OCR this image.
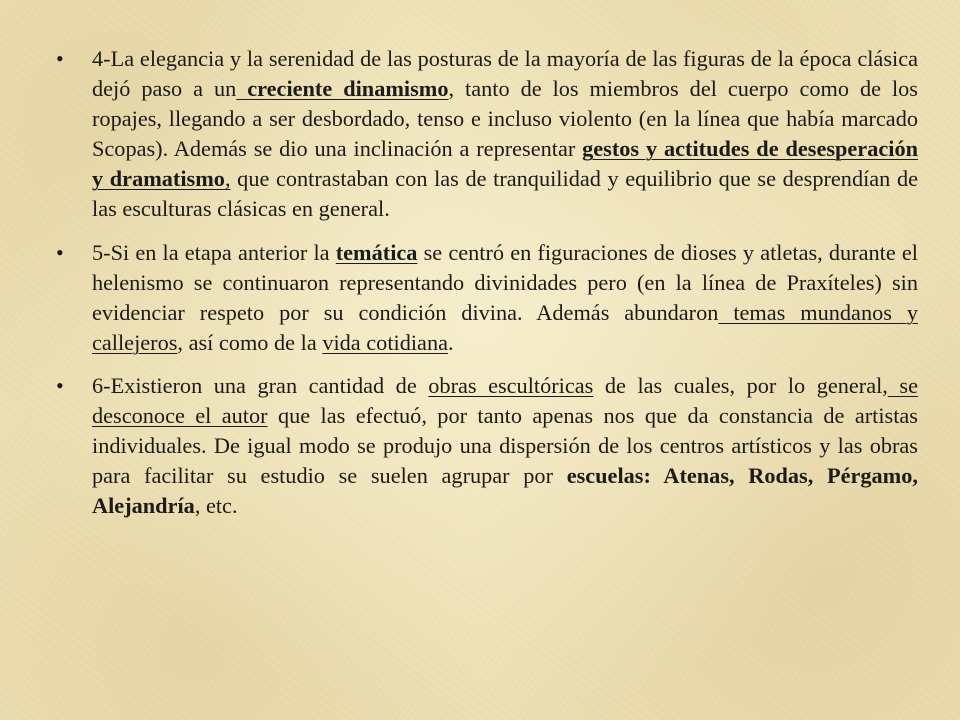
• 4-La elegancia y la serenidad de las posturas de la mayoría de las figuras de la época clásica dejó paso a un creciente dinamismo, tanto de los miembros del cuerpo como de los ropajes, llegando a ser desbordado, tenso e incluso violento (en la línea que había marcado Scopas). Además se dio una inclinación a representar gestos y actitudes de desesperación y dramatismo, que contrastaban con las de tranquilidad y equilibrio que se desprendían de las esculturas clásicas en general.
• 5-Si en la etapa anterior la temática se centró en figuraciones de dioses y atletas, durante el helenismo se continuaron representando divinidades pero (en la línea de Praxíteles) sin evidenciar respeto por su condición divina. Además abundaron temas mundanos y callejeros, así como de la vida cotidiana.
• 6-Existieron una gran cantidad de obras escultóricas de las cuales, por lo general, se desconoce el autor que las efectuó, por tanto apenas nos que da constancia de artistas individuales. De igual modo se produjo una dispersión de los centros artísticos y las obras para facilitar su estudio se suelen agrupar por escuelas: Atenas, Rodas, Pérgamo, Alejandría, etc.
